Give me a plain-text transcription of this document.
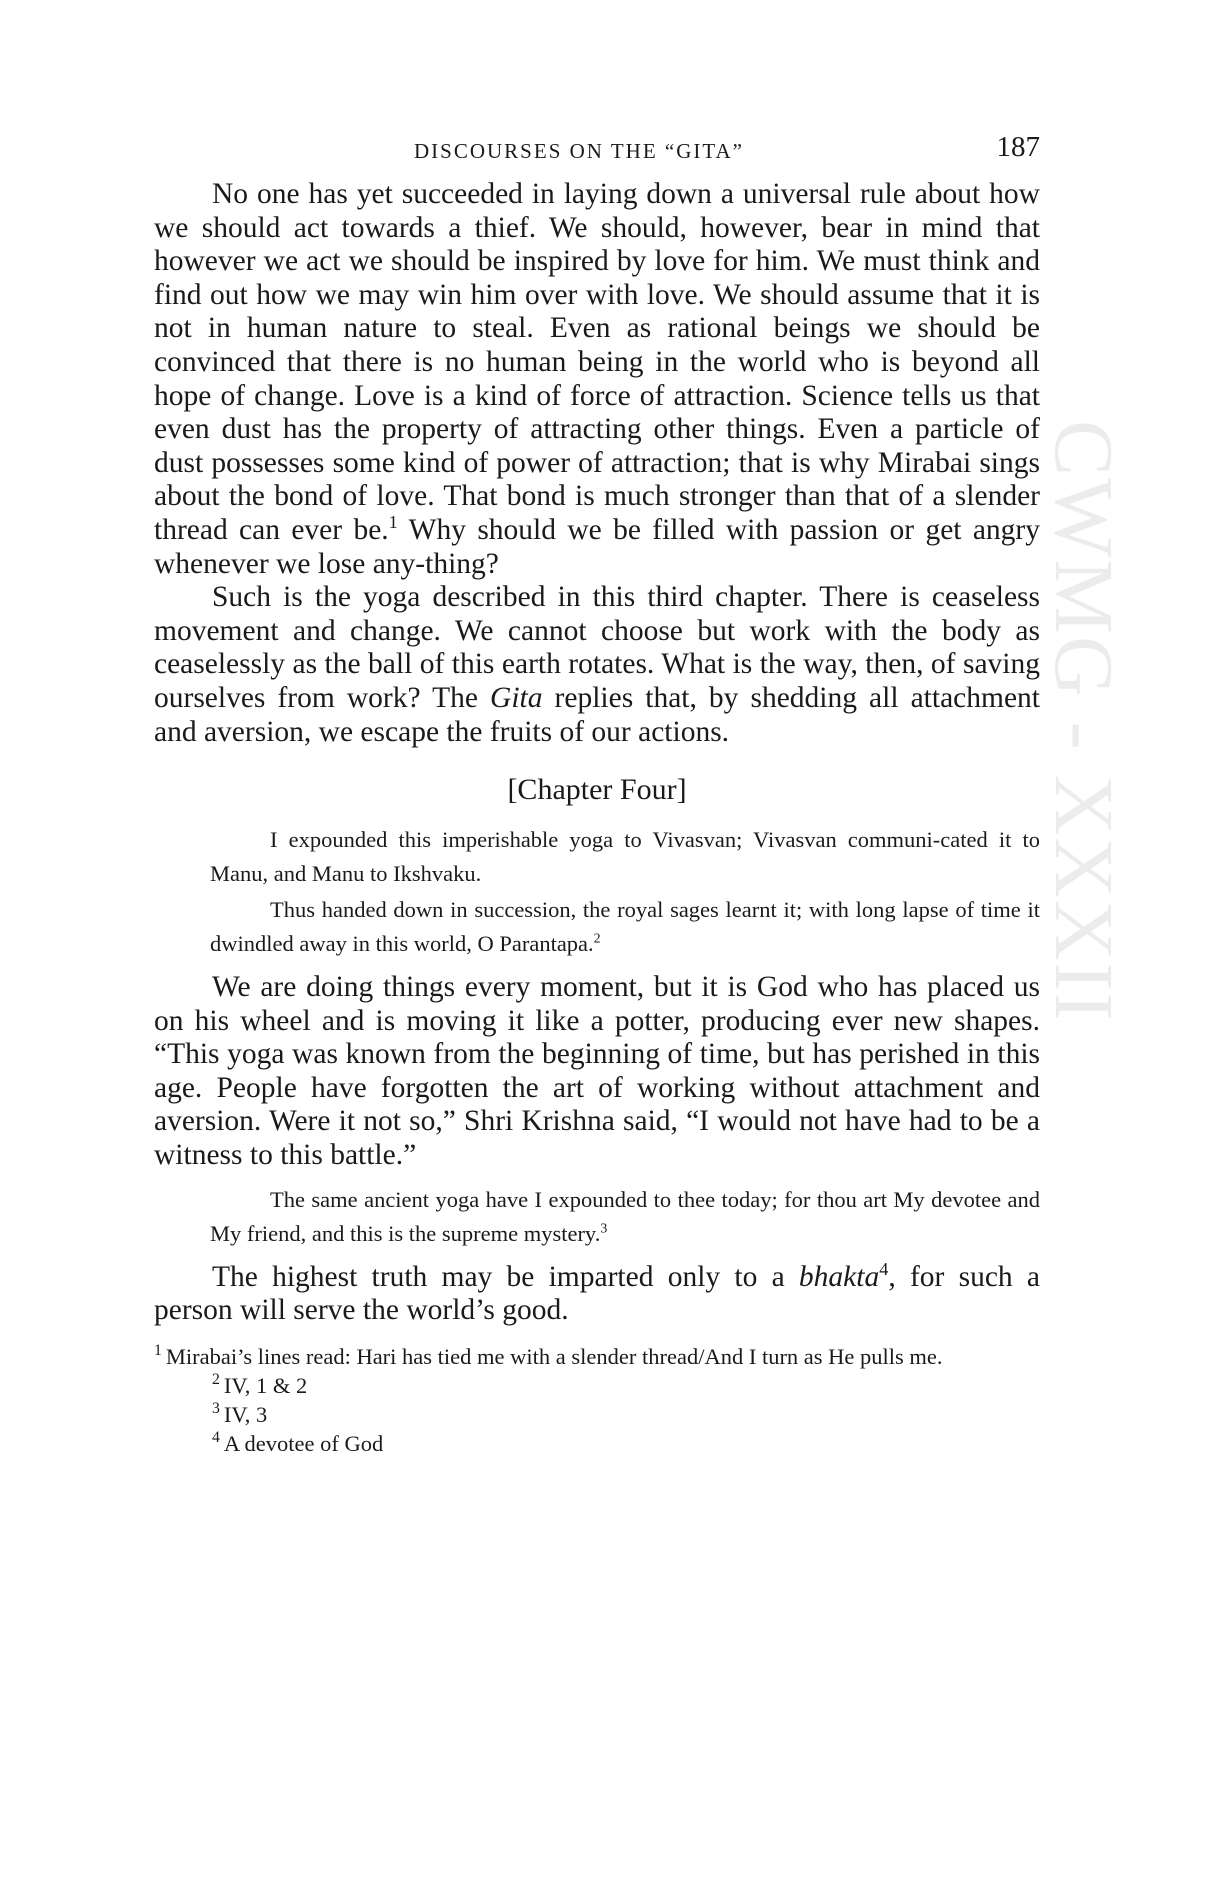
CWMG - XXXII
DISCOURSES ON THE “GITA”	187

No one has yet succeeded in laying down a universal rule about how we should act towards a thief. We should, however, bear in mind that however we act we should be inspired by love for him. We must think and find out how we may win him over with love. We should assume that it is not in human nature to steal. Even as rational beings we should be convinced that there is no human being in the world who is beyond all hope of change. Love is a kind of force of attraction. Science tells us that even dust has the property of attracting other things. Even a particle of dust possesses some kind of power of attraction; that is why Mirabai sings about the bond of love. That bond is much stronger than that of a slender thread can ever be.$^1$ Why should we be filled with passion or get angry whenever we lose any-thing?

Such is the yoga described in this third chapter. There is ceaseless movement and change. We cannot choose but work with the body as ceaselessly as the ball of this earth rotates. What is the way, then, of saving ourselves from work? The Gita replies that, by shedding all attachment and aversion, we escape the fruits of our actions.

[Chapter Four]

I expounded this imperishable yoga to Vivasvan; Vivasvan communi-cated it to Manu, and Manu to Ikshvaku.

Thus handed down in succession, the royal sages learnt it; with long lapse of time it dwindled away in this world, O Parantapa.$^2$

We are doing things every moment, but it is God who has placed us on his wheel and is moving it like a potter, producing ever new shapes. “This yoga was known from the beginning of time, but has perished in this age. People have forgotten the art of working without attachment and aversion. Were it not so,” Shri Krishna said, “I would not have had to be a witness to this battle.”

The same ancient yoga have I expounded to thee today; for thou art My devotee and My friend, and this is the supreme mystery.$^3$

The highest truth may be imparted only to a bhakta$^4$, for such a person will serve the world’s good.

$^1$ Mirabai’s lines read: Hari has tied me with a slender thread/And I turn as He pulls me.

$^2$ IV, 1 & 2

$^3$ IV, 3

$^4$ A devotee of God
